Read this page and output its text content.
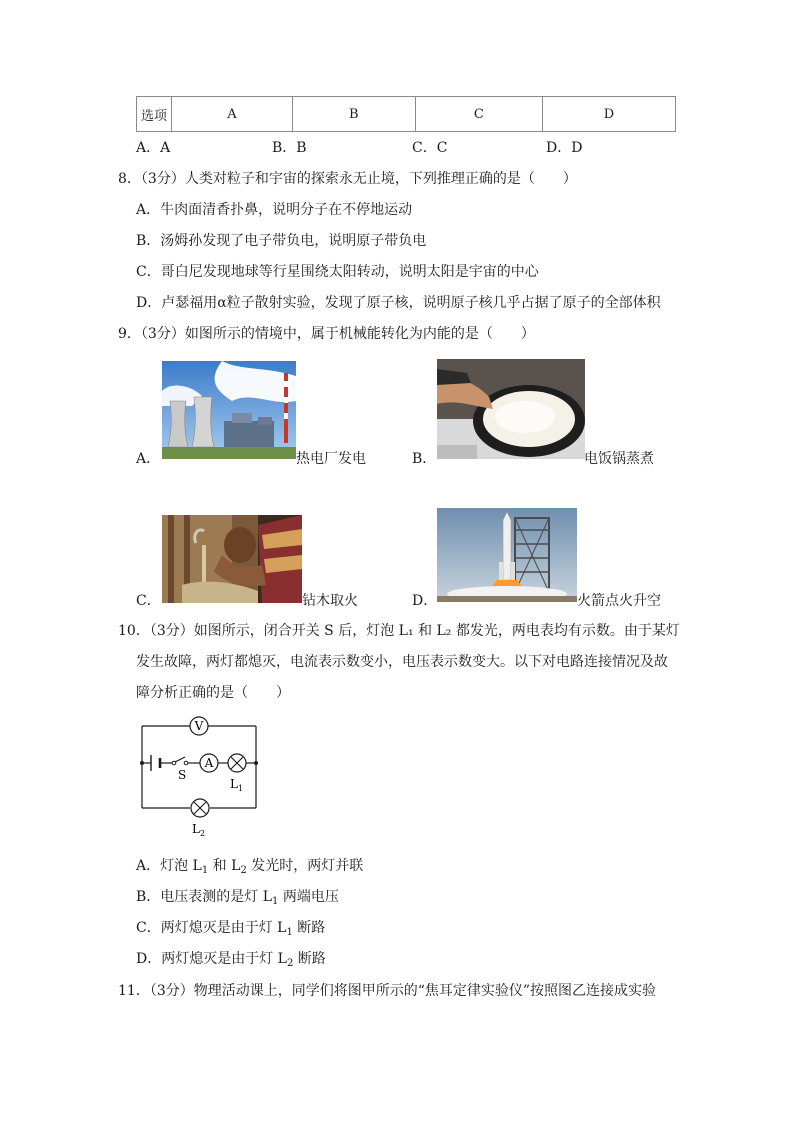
选项	A	B	C	D
A．A	B．B	C．C	D．D
8．（3分）人类对粒子和宇宙的探索永无止境，下列推理正确的是（　　）
A．牛肉面清香扑鼻，说明分子在不停地运动
B．汤姆孙发现了电子带负电，说明原子带负电
C．哥白尼发现地球等行星围绕太阳转动，说明太阳是宇宙的中心
D．卢瑟福用α粒子散射实验，发现了原子核，说明原子核几乎占据了原子的全部体积
9．（3分）如图所示的情境中，属于机械能转化为内能的是（　　）
A．	热电厂发电	B．	电饭锅蒸煮
C．	钻木取火	D．	火箭点火升空
10．（3分）如图所示，闭合开关 S 后，灯泡 L₁ 和 L₂ 都发光，两电表均有示数。由于某灯
发生故障，两灯都熄灭，电流表示数变小，电压表示数变大。以下对电路连接情况及故
障分析正确的是（　　）
V
A
S
$L_1$
$L_2$
A．灯泡 $L_1$ 和 $L_2$ 发光时，两灯并联
B．电压表测的是灯 $L_1$ 两端电压
C．两灯熄灭是由于灯 $L_1$ 断路
D．两灯熄灭是由于灯 $L_2$ 断路
11．（3分）物理活动课上，同学们将图甲所示的“焦耳定律实验仪”按照图乙连接成实验
